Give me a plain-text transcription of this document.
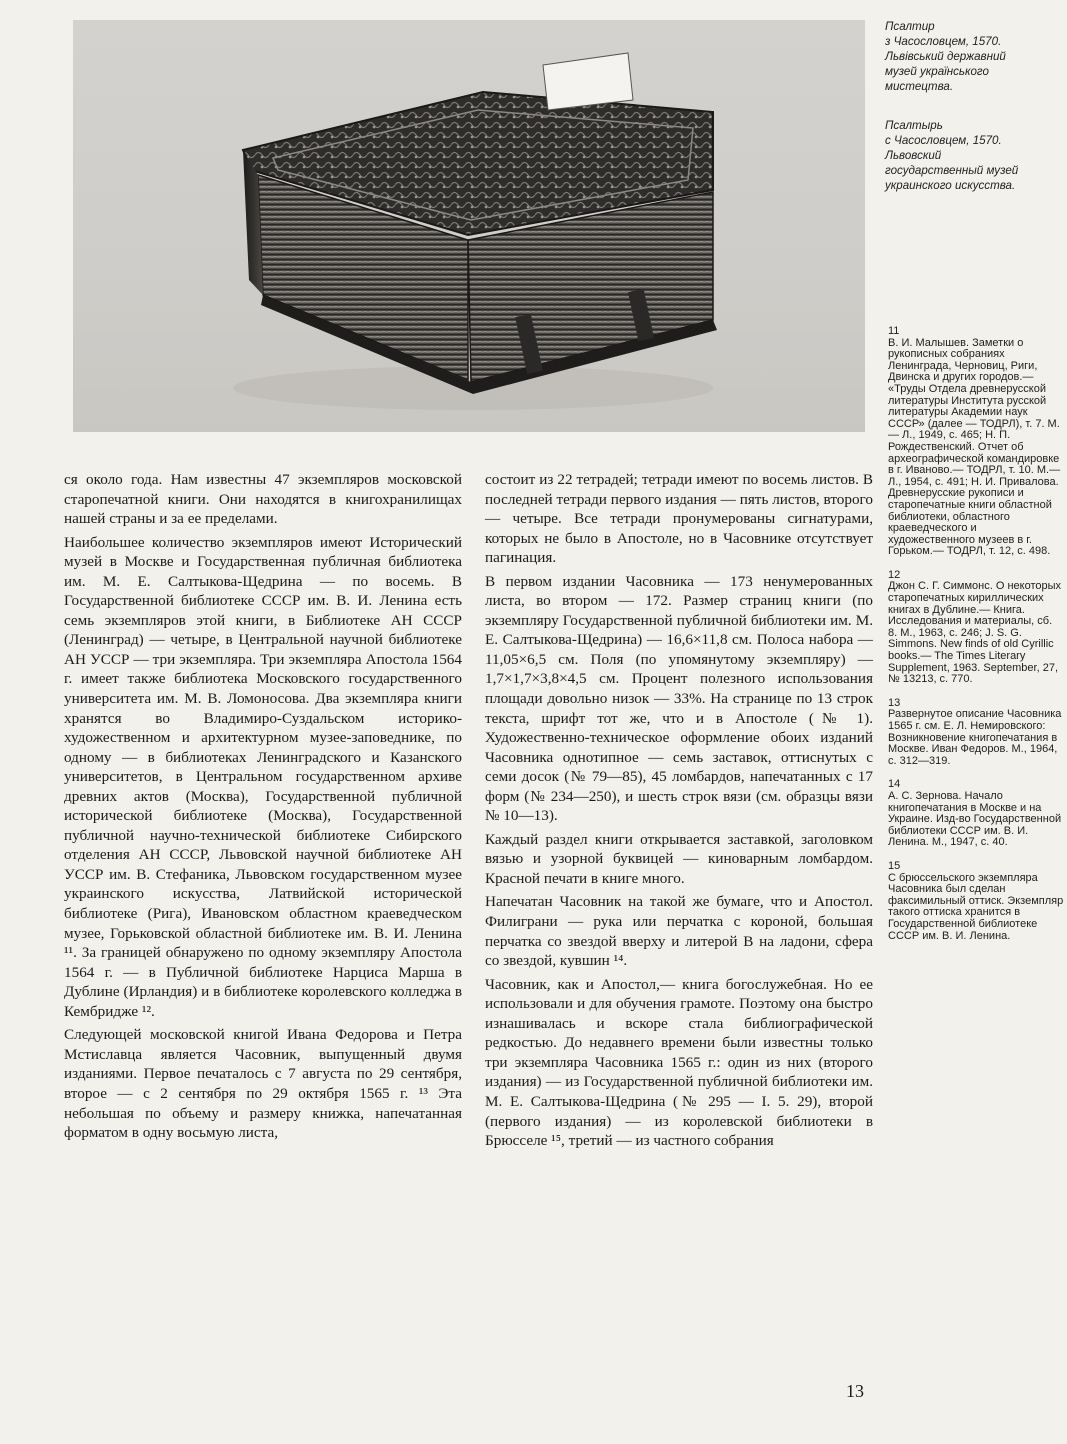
Псалтир

з Часословцем, 1570.

Львівський державний

музей українського

мистецтва.

Псалтырь

с Часословцем, 1570.

Львовский

государственный музей

украинского искусства.

11
В. И. Малышев. Заметки о рукописных собраниях Ленинграда, Черновиц, Риги, Двинска и других городов.— «Труды Отдела древнерусской литературы Института русской литературы Академии наук СССР» (далее — ТОДРЛ), т. 7. М.— Л., 1949, с. 465; Н. П. Рождественский. Отчет об археографической командировке в г. Иваново.— ТОДРЛ, т. 10. М.— Л., 1954, с. 491; Н. И. Привалова. Древнерусские рукописи и старопечатные книги областной библиотеки, областного краеведческого и художественного музеев в г. Горьком.— ТОДРЛ, т. 12, с. 498.
12
Джон С. Г. Симмонс. О некоторых старопечатных кириллических книгах в Дублине.— Книга. Исследования и материалы, сб. 8. М., 1963, с. 246; J. S. G. Simmons. New finds of old Cyrillic books.— The Times Literary Supplement, 1963. September, 27, № 13213, с. 770.
13
Развернутое описание Часовника 1565 г. см. Е. Л. Немировского: Возникновение книгопечатания в Москве. Иван Федоров. М., 1964, с. 312—319.
14
А. С. Зернова. Начало книгопечатания в Москве и на Украине. Изд-во Государственной библиотеки СССР им. В. И. Ленина. М., 1947, с. 40.
15
С брюссельского экземпляра Часовника был сделан факсимильный оттиск. Экземпляр такого оттиска хранится в Государственной библиотеке СССР им. В. И. Ленина.

ся около года. Нам известны 47 экземпляров московской старопечатной книги. Они находятся в книгохранилищах нашей страны и за ее пределами.

Наибольшее количество экземпляров имеют Исторический музей в Москве и Государственная публичная библиотека им. М. Е. Салтыкова-Щедрина — по восемь. В Государственной библиотеке СССР им. В. И. Ленина есть семь экземпляров этой книги, в Библиотеке АН СССР (Ленинград) — четыре, в Центральной научной библиотеке АН УССР — три экземпляра. Три экземпляра Апостола 1564 г. имеет также библиотека Московского государственного университета им. М. В. Ломоносова. Два экземпляра книги хранятся во Владимиро-Суздальском историко-художественном и архитектурном музее-заповеднике, по одному — в библиотеках Ленинградского и Казанского университетов, в Центральном государственном архиве древних актов (Москва), Государственной публичной исторической библиотеке (Москва), Государственной публичной научно-технической библиотеке Сибирского отделения АН СССР, Львовской научной библиотеке АН УССР им. В. Стефаника, Львовском государственном музее украинского искусства, Латвийской исторической библиотеке (Рига), Ивановском областном краеведческом музее, Горьковской областной библиотеке им. В. И. Ленина ¹¹. За границей обнаружено по одному экземпляру Апостола 1564 г. — в Публичной библиотеке Нарциса Марша в Дублине (Ирландия) и в библиотеке королевского колледжа в Кембридже ¹².

Следующей московской книгой Ивана Федорова и Петра Мстиславца является Часовник, выпущенный двумя изданиями. Первое печаталось с 7 августа по 29 сентября, второе — с 2 сентября по 29 октября 1565 г. ¹³ Эта небольшая по объему и размеру книжка, напечатанная форматом в одну восьмую листа,

состоит из 22 тетрадей; тетради имеют по восемь листов. В последней тетради первого издания — пять листов, второго — четыре. Все тетради пронумерованы сигнатурами, которых не было в Апостоле, но в Часовнике отсутствует пагинация.

В первом издании Часовника — 173 ненумерованных листа, во втором — 172. Размер страниц книги (по экземпляру Государственной публичной библиотеки им. М. Е. Салтыкова-Щедрина) — 16,6×11,8 см. Полоса набора — 11,05×6,5 см. Поля (по упомянутому экземпляру) — 1,7×1,7×3,8×4,5 см. Процент полезного использования площади довольно низок — 33%. На странице по 13 строк текста, шрифт тот же, что и в Апостоле (№ 1). Художественно-техническое оформление обоих изданий Часовника однотипное — семь заставок, оттиснутых с семи досок (№ 79—85), 45 ломбардов, напечатанных с 17 форм (№ 234—250), и шесть строк вязи (см. образцы вязи № 10—13).

Каждый раздел книги открывается заставкой, заголовком вязью и узорной буквицей — киноварным ломбардом. Красной печати в книге много.

Напечатан Часовник на такой же бумаге, что и Апостол. Филиграни — рука или перчатка с короной, большая перчатка со звездой вверху и литерой В на ладони, сфера со звездой, кувшин ¹⁴.

Часовник, как и Апостол,— книга богослужебная. Но ее использовали и для обучения грамоте. Поэтому она быстро изнашивалась и вскоре стала библиографической редкостью. До недавнего времени были известны только три экземпляра Часовника 1565 г.: один из них (второго издания) — из Государственной публичной библиотеки им. М. Е. Салтыкова-Щедрина (№ 295 — I. 5. 29), второй (первого издания) — из королевской библиотеки в Брюсселе ¹⁵, третий — из частного собрания

13
